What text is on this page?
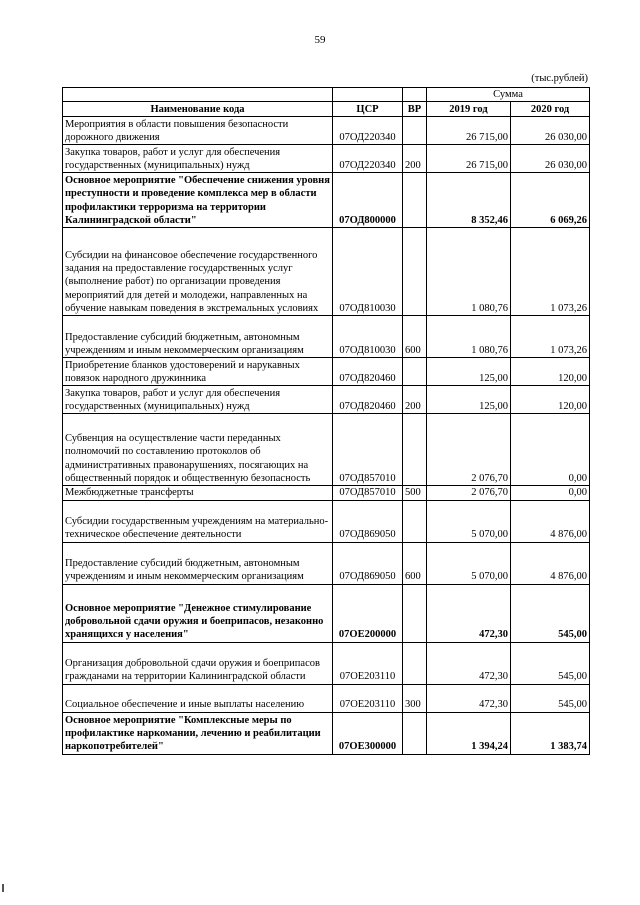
59
(тыс.рублей)
			Сумма	
Наименование кода	ЦСР	ВР	2019 год	2020 год
Мероприятия в области повышения безопасности дорожного движения	07ОД220340		26 715,00	26 030,00
Закупка товаров, работ и услуг для обеспечения государственных (муниципальных) нужд	07ОД220340	200	26 715,00	26 030,00
Основное мероприятие "Обеспечение снижения уровня преступности и проведение комплекса мер в области профилактики терроризма на территории Калининградской области"	07ОД800000		8 352,46	6 069,26
Субсидии на финансовое обеспечение государственного задания на предоставление государственных услуг (выполнение работ) по организации проведения мероприятий для детей и молодежи, направленных на обучение навыкам поведения в экстремальных условиях	07ОД810030		1 080,76	1 073,26
Предоставление субсидий бюджетным, автономным учреждениям и иным некоммерческим организациям	07ОД810030	600	1 080,76	1 073,26
Приобретение бланков удостоверений и нарукавных повязок народного дружинника	07ОД820460		125,00	120,00
Закупка товаров, работ и услуг для обеспечения государственных (муниципальных) нужд	07ОД820460	200	125,00	120,00
Субвенция на осуществление части переданных полномочий по составлению протоколов об административных правонарушениях, посягающих на общественный порядок и общественную безопасность	07ОД857010		2 076,70	0,00
Межбюджетные трансферты	07ОД857010	500	2 076,70	0,00
Субсидии государственным учреждениям на материально-техническое обеспечение деятельности	07ОД869050		5 070,00	4 876,00
Предоставление субсидий бюджетным, автономным учреждениям и иным некоммерческим организациям	07ОД869050	600	5 070,00	4 876,00
Основное мероприятие "Денежное стимулирование добровольной сдачи оружия и боеприпасов, незаконно хранящихся у населения"	07ОЕ200000		472,30	545,00
Организация добровольной сдачи оружия и боеприпасов гражданами на территории Калининградской области	07ОЕ203110		472,30	545,00
Социальное обеспечение и иные выплаты населению	07ОЕ203110	300	472,30	545,00
Основное мероприятие "Комплексные меры по профилактике наркомании, лечению и реабилитации наркопотребителей"	07ОЕ300000		1 394,24	1 383,74
